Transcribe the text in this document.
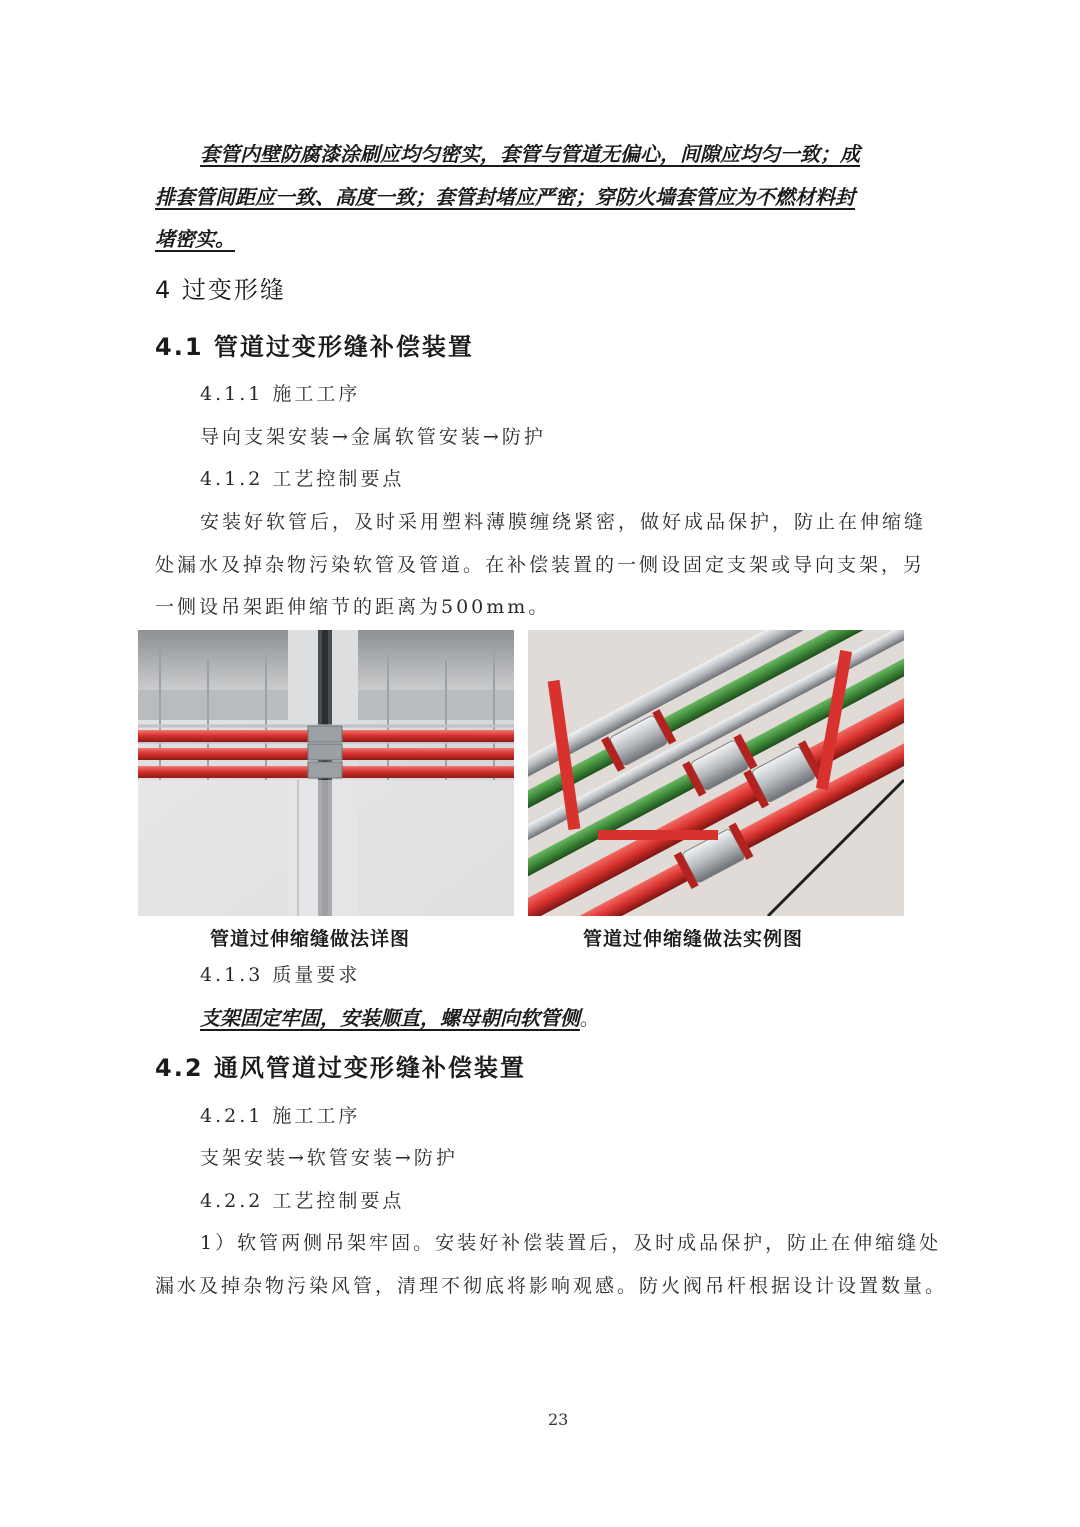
套管内壁防腐漆涂刷应均匀密实，套管与管道无偏心，间隙应均匀一致；成
排套管间距应一致、高度一致；套管封堵应严密；穿防火墙套管应为不燃材料封
堵密实。
4 过变形缝
4.1 管道过变形缝补偿装置
4.1.1 施工工序
导向支架安装→金属软管安装→防护
4.1.2 工艺控制要点
安装好软管后，及时采用塑料薄膜缠绕紧密，做好成品保护，防止在伸缩缝
处漏水及掉杂物污染软管及管道。在补偿装置的一侧设固定支架或导向支架，另
一侧设吊架距伸缩节的距离为500mm。
管道过伸缩缝做法详图	管道过伸缩缝做法实例图
4.1.3 质量要求
支架固定牢固，安装顺直，螺母朝向软管侧。
4.2 通风管道过变形缝补偿装置
4.2.1 施工工序
支架安装→软管安装→防护
4.2.2 工艺控制要点
1）软管两侧吊架牢固。安装好补偿装置后，及时成品保护，防止在伸缩缝处
漏水及掉杂物污染风管，清理不彻底将影响观感。防火阀吊杆根据设计设置数量。
23
